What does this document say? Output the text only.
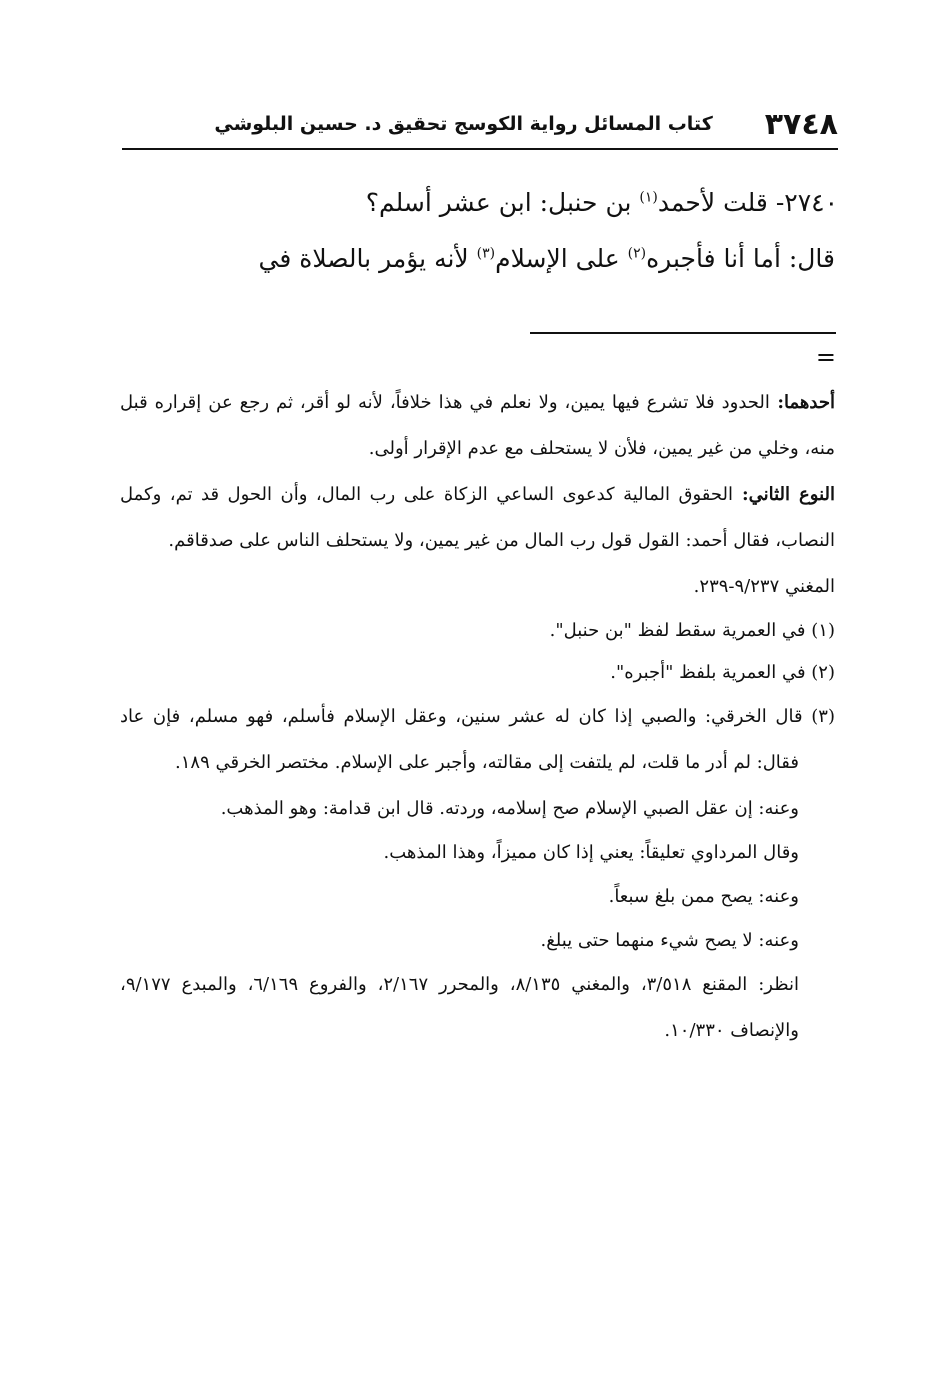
٣٧٤٨
كتاب المسائل رواية الكوسج تحقيق د. حسين البلوشي
٢٧٤٠- قلت لأحمد$^{(١)}$ بن حنبل: ابن عشر أسلم؟
قال: أما أنا فأجبره$^{(٢)}$ على الإسلام$^{(٣)}$ لأنه يؤمر بالصلاة في
=

أحدهما: الحدود فلا تشرع فيها يمين، ولا نعلم في هذا خلافاً، لأنه لو أقر، ثم رجع عن إقراره قبل منه، وخلي من غير يمين، فلأن لا يستحلف مع عدم الإقرار أولى.

النوع الثاني: الحقوق المالية كدعوى الساعي الزكاة على رب المال، وأن الحول قد تم، وكمل النصاب، فقال أحمد: القول قول رب المال من غير يمين، ولا يستحلف الناس على صدقاقم.

المغني ٩/٢٣٧-٢٣٩.

(١) في العمرية سقط لفظ "بن حنبل".

(٢) في العمرية بلفظ "أجبره".

(٣) قال الخرقي: والصبي إذا كان له عشر سنين، وعقل الإسلام فأسلم، فهو مسلم، فإن عاد فقال: لم أدر ما قلت، لم يلتفت إلى مقالته، وأجبر على الإسلام. مختصر الخرقي ١٨٩.

وعنه: إن عقل الصبي الإسلام صح إسلامه، وردته. قال ابن قدامة: وهو المذهب.

وقال المرداوي تعليقاً: يعني إذا كان مميزاً، وهذا المذهب.

وعنه: يصح ممن بلغ سبعاً.

وعنه: لا يصح شيء منهما حتى يبلغ.

انظر: المقنع ٣/٥١٨، والمغني ٨/١٣٥، والمحرر ٢/١٦٧، والفروع ٦/١٦٩، والمبدع ٩/١٧٧، والإنصاف ١٠/٣٣٠.
